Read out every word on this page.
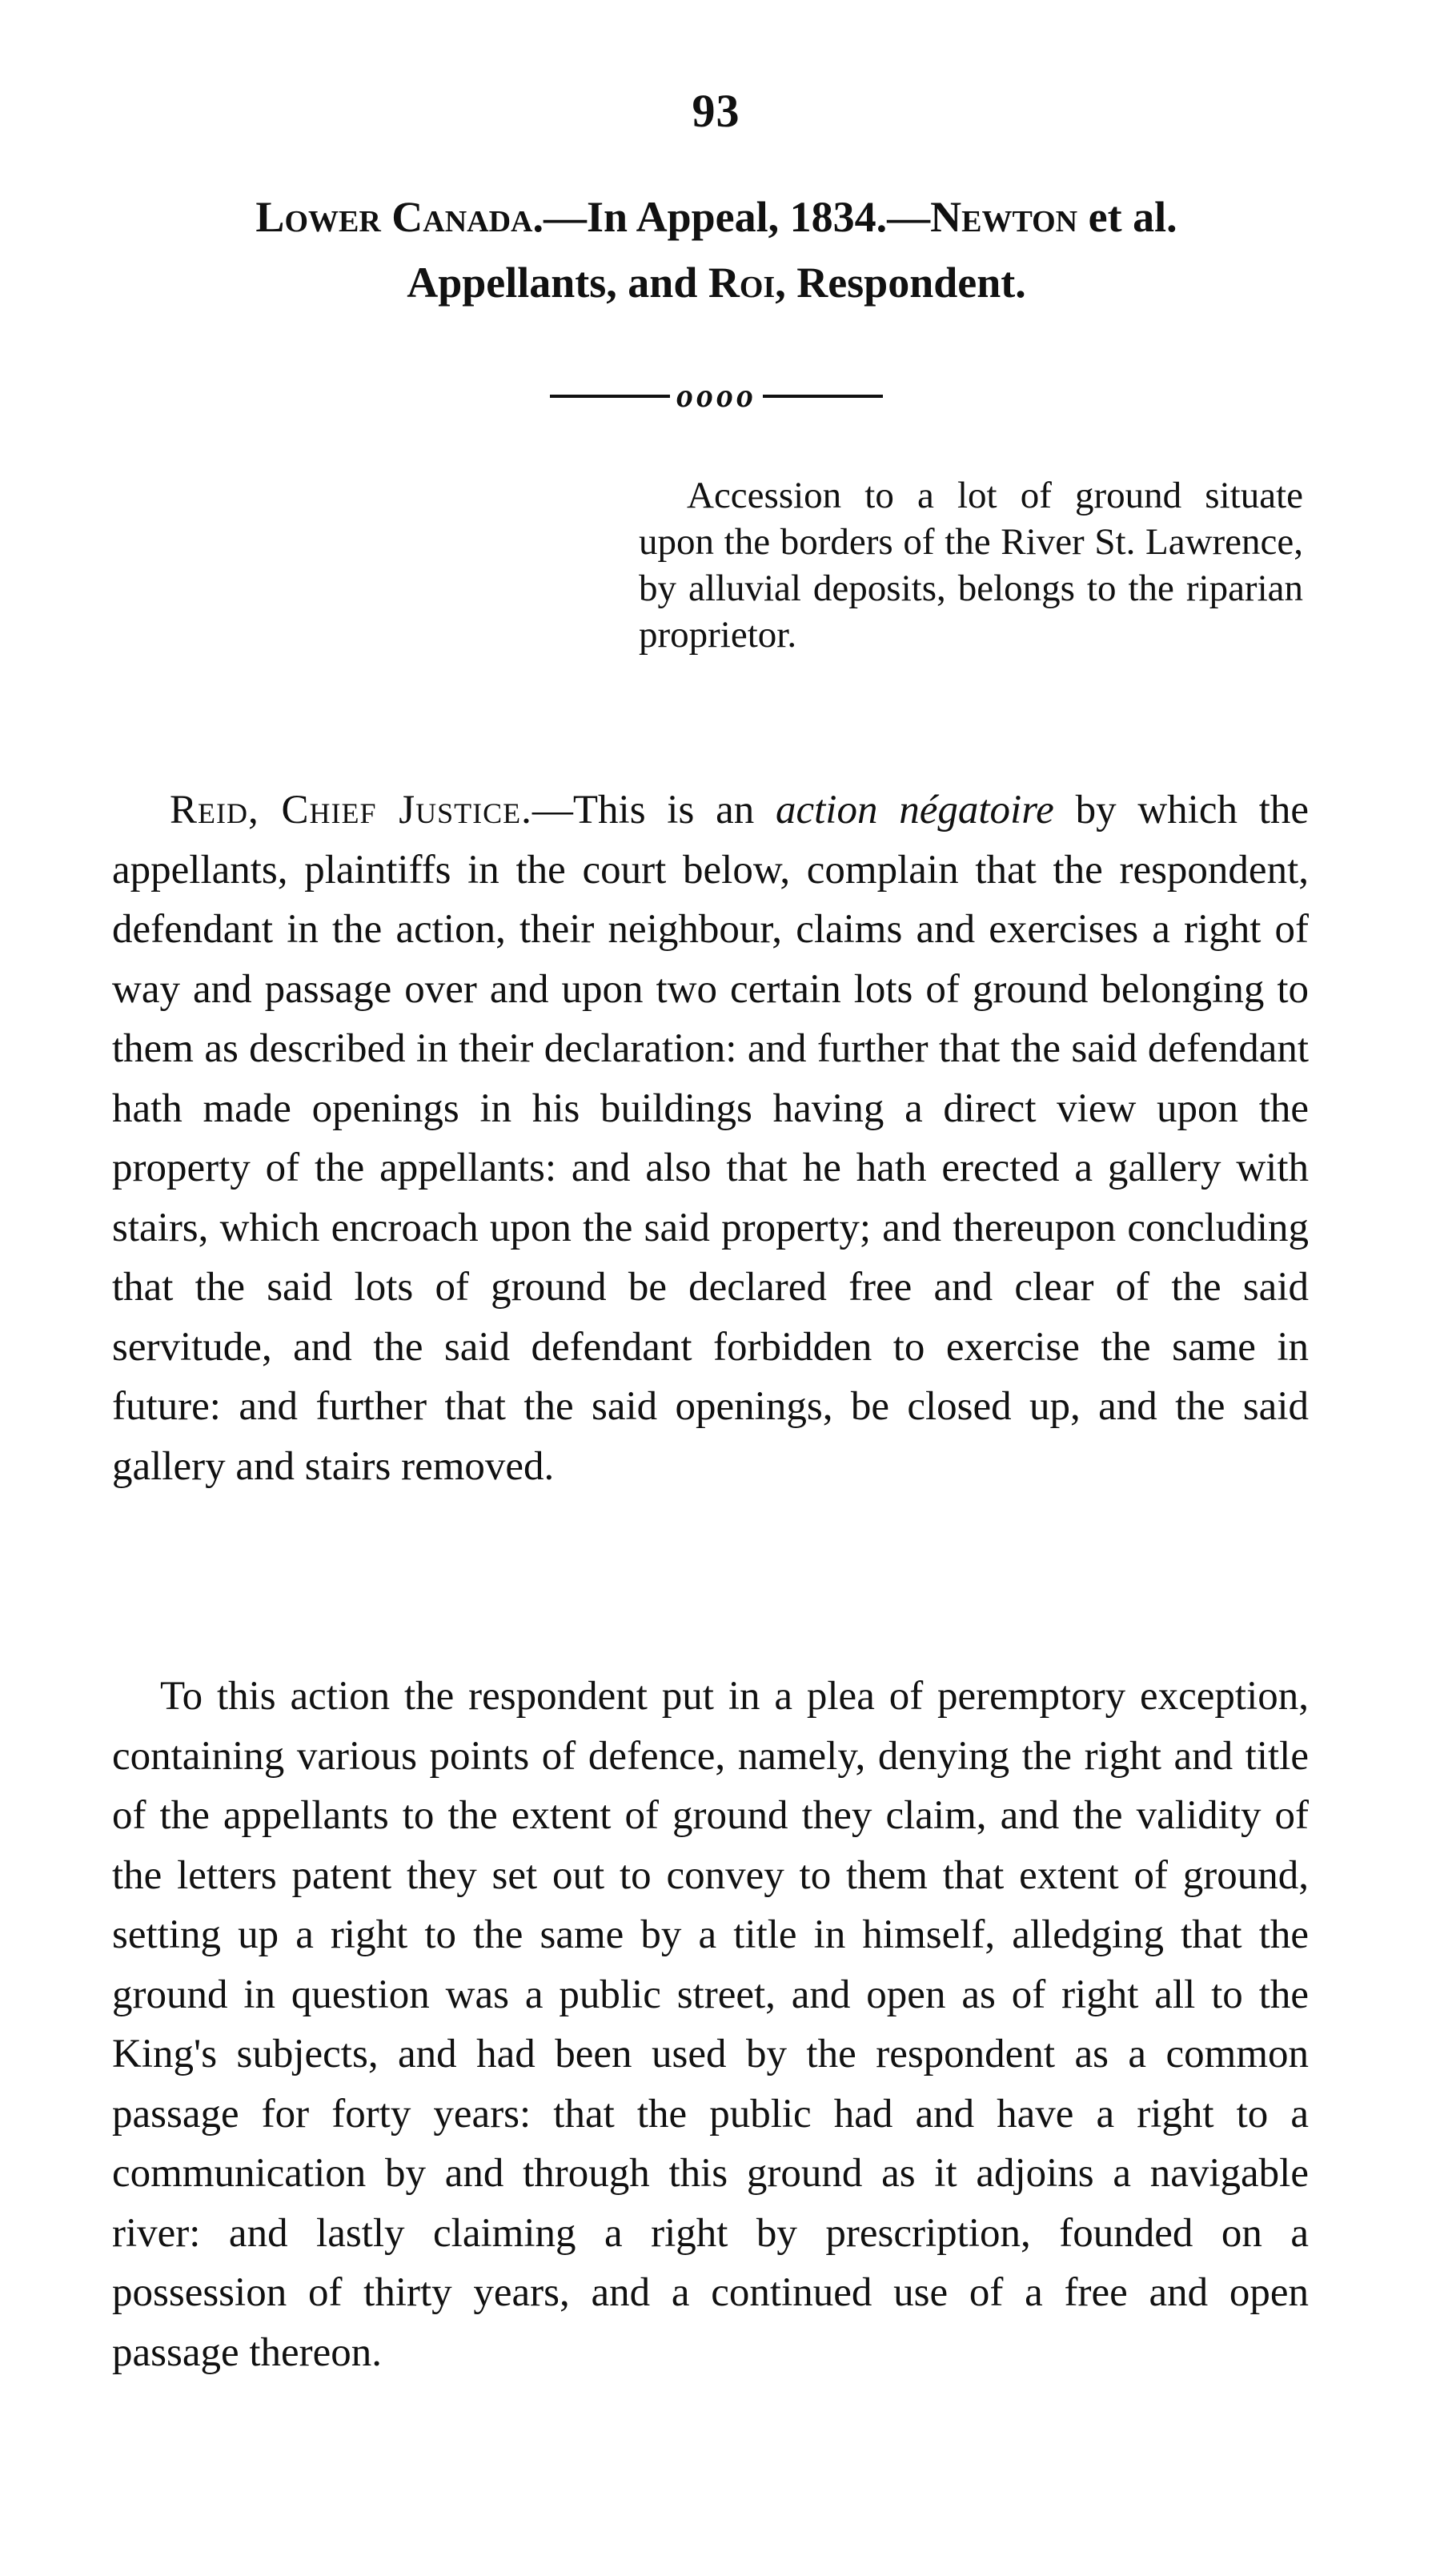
93
Lower Canada.—In Appeal, 1834.—Newton et al.
Appellants, and Roi, Respondent.
oooo
Accession to a lot of ground situate upon the borders of the River St. Lawrence, by alluvial deposits, belongs to the riparian proprietor.
Reid, Chief Justice.—This is an action négatoire by which the appellants, plaintiffs in the court below, complain that the respondent, defendant in the action, their neighbour, claims and exercises a right of way and passage over and upon two certain lots of ground belonging to them as described in their declaration: and further that the said defendant hath made openings in his buildings having a direct view upon the property of the appellants: and also that he hath erected a gallery with stairs, which encroach upon the said property; and thereupon concluding that the said lots of ground be declared free and clear of the said servitude, and the said defendant forbidden to exercise the same in future: and further that the said openings, be closed up, and the said gallery and stairs removed.
To this action the respondent put in a plea of peremptory exception, containing various points of defence, namely, denying the right and title of the appellants to the extent of ground they claim, and the validity of the letters patent they set out to convey to them that extent of ground, setting up a right to the same by a title in himself, alledging that the ground in question was a public street, and open as of right all to the King's subjects, and had been used by the respondent as a common passage for forty years: that the public had and have a right to a communication by and through this ground as it adjoins a navigable river: and lastly claiming a right by prescription, founded on a possession of thirty years, and a continued use of a free and open passage thereon.
